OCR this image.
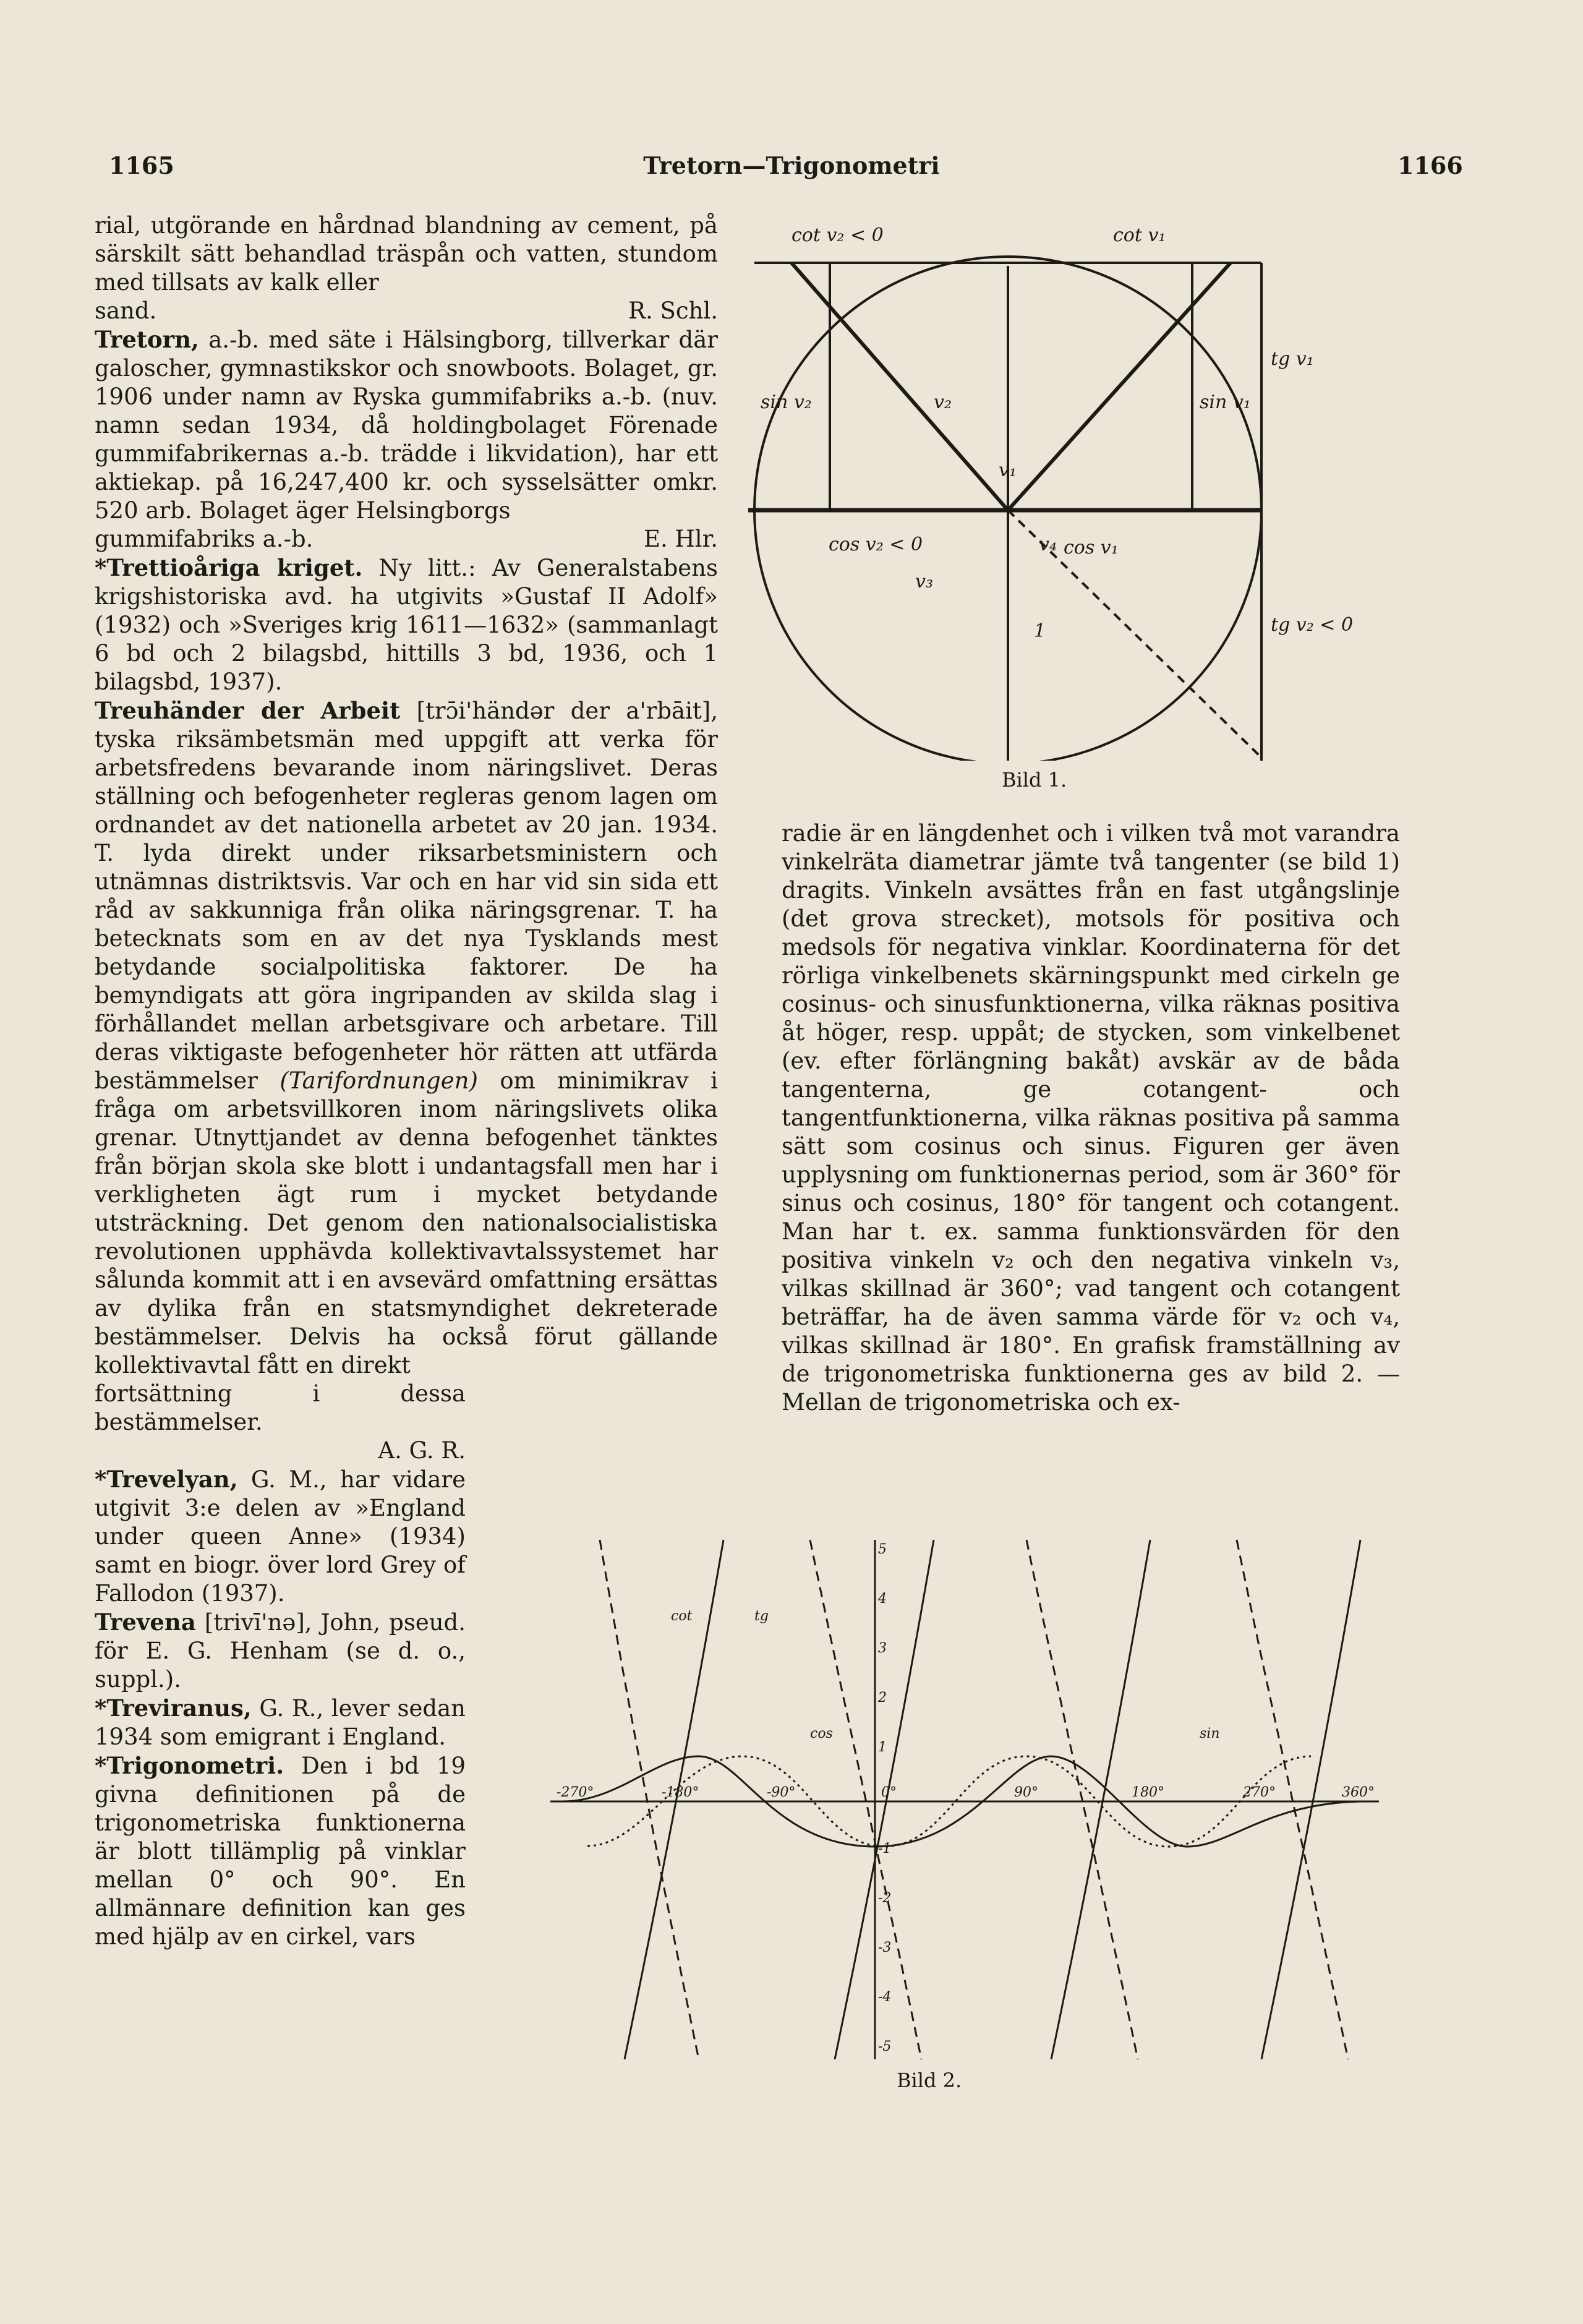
1165	Tretorn—Trigonometri	1166

rial, utgörande en hårdnad blandning av cement, på särskilt sätt behandlad träspån och vatten, stundom med tillsats av kalk eller

sand.	R. Schl.

Tretorn, a.-b. med säte i Hälsingborg, tillverkar där galoscher, gymnastikskor och snowboots. Bolaget, gr. 1906 under namn av Ryska gummifabriks a.-b. (nuv. namn sedan 1934, då holdingbolaget Förenade gummifabrikernas a.-b. trädde i likvidation), har ett aktiekap. på 16,247,400 kr. och sysselsätter omkr. 520 arb. Bolaget äger Helsingborgs

gummifabriks a.-b.	E. Hlr.

*Trettioåriga kriget. Ny litt.: Av Generalstabens krigshistoriska avd. ha utgivits »Gustaf II Adolf» (1932) och »Sveriges krig 1611—1632» (sammanlagt 6 bd och 2 bilagsbd, hittills 3 bd, 1936, och 1 bilagsbd, 1937).

Treuhänder der Arbeit [trɔ̄i'händər der a'rbāit], tyska riksämbetsmän med uppgift att verka för arbetsfredens bevarande inom näringslivet. Deras ställning och befogenheter regleras genom lagen om ordnandet av det nationella arbetet av 20 jan. 1934. T. lyda direkt under riksarbetsministern och utnämnas distriktsvis. Var och en har vid sin sida ett råd av sakkunniga från olika näringsgrenar. T. ha betecknats som en av det nya Tysklands mest betydande socialpolitiska faktorer. De ha bemyndigats att göra ingripanden av skilda slag i förhållandet mellan arbetsgivare och arbetare. Till deras viktigaste befogenheter hör rätten att utfärda bestämmelser (Tarifordnungen) om minimikrav i fråga om arbetsvillkoren inom näringslivets olika grenar. Utnyttjandet av denna befogenhet tänktes från början skola ske blott i undantagsfall men har i verkligheten ägt rum i mycket betydande utsträckning. Det genom den nationalsocialistiska revolutionen upphävda kollektivavtalssystemet har sålunda kommit att i en avsevärd omfattning ersättas av dylika från en statsmyndighet dekreterade bestämmelser. Delvis ha också förut gällande kollektivavtal fått en direkt

fortsättning i dessa bestämmelser.

A. G. R.

*Trevelyan, G. M., har vidare utgivit 3:e delen av »England under queen Anne» (1934) samt en biogr. över lord Grey of Fallodon (1937).

Trevena [trivī'nə], John, pseud. för E. G. Henham (se d. o., suppl.).

*Treviranus, G. R., lever sedan 1934 som emigrant i England.

*Trigonometri. Den i bd 19 givna definitionen på de trigonometriska funktionerna är blott tillämplig på vinklar mellan 0° och 90°. En allmännare definition kan ges med hjälp av en cirkel, vars

cot v₂ < 0	cot v₁
sin v₂	sin v₁
tg v₁
tg v₂ < 0
cos v₂ < 0	cos v₁
v₂
v₁
v₃
v₄
1
Bild 1.

radie är en längdenhet och i vilken två mot varandra vinkelräta diametrar jämte två tangenter (se bild 1) dragits. Vinkeln avsättes från en fast utgångslinje (det grova strecket), motsols för positiva och medsols för negativa vinklar. Koordinaterna för det rörliga vinkelbenets skärningspunkt med cirkeln ge cosinus- och sinusfunktionerna, vilka räknas positiva åt höger, resp. uppåt; de stycken, som vinkelbenet (ev. efter förlängning bakåt) avskär av de båda tangenterna, ge cotangent- och tangentfunktionerna, vilka räknas positiva på samma sätt som cosinus och sinus. Figuren ger även upplysning om funktionernas period, som är 360° för sinus och cosinus, 180° för tangent och cotangent. Man har t. ex. samma funktionsvärden för den positiva vinkeln v₂ och den negativa vinkeln v₃, vilkas skillnad är 360°; vad tangent och cotangent beträffar, ha de även samma värde för v₂ och v₄, vilkas skillnad är 180°. En grafisk framställning av de trigonometriska funktionerna ges av bild 2. — Mellan de trigonometriska och ex-

5
4
3
2
1
-1
-2
-3
-4
-5
-270°	-180°	-90°	0°	90°	180°	270°	360°
cot	tg
cos	sin
Bild 2.
